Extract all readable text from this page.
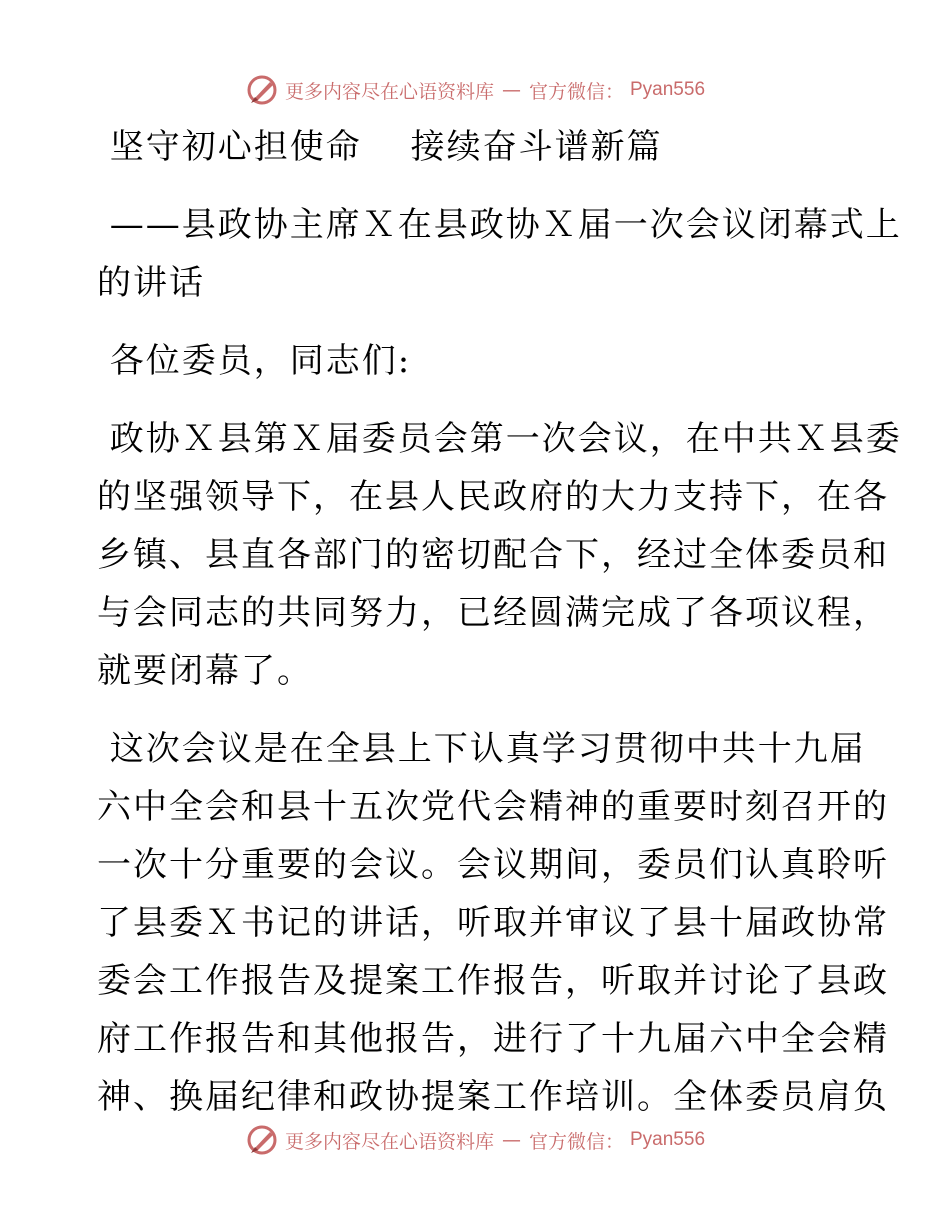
更多内容尽在心语资料库 — 官方微信： Pyan556
坚守初心担使命　 接续奋斗谱新篇
——县政协主席Ｘ在县政协Ｘ届一次会议闭幕式上
的讲话
各位委员，同志们:
政协Ｘ县第Ｘ届委员会第一次会议，在中共Ｘ县委
的坚强领导下，在县人民政府的大力支持下，在各
乡镇、县直各部门的密切配合下，经过全体委员和
与会同志的共同努力，已经圆满完成了各项议程，
就要闭幕了。
这次会议是在全县上下认真学习贯彻中共十九届
六中全会和县十五次党代会精神的重要时刻召开的
一次十分重要的会议。会议期间，委员们认真聆听
了县委Ｘ书记的讲话，听取并审议了县十届政协常
委会工作报告及提案工作报告，听取并讨论了县政
府工作报告和其他报告，进行了十九届六中全会精
神、换届纪律和政协提案工作培训。全体委员肩负
更多内容尽在心语资料库 — 官方微信： Pyan556
